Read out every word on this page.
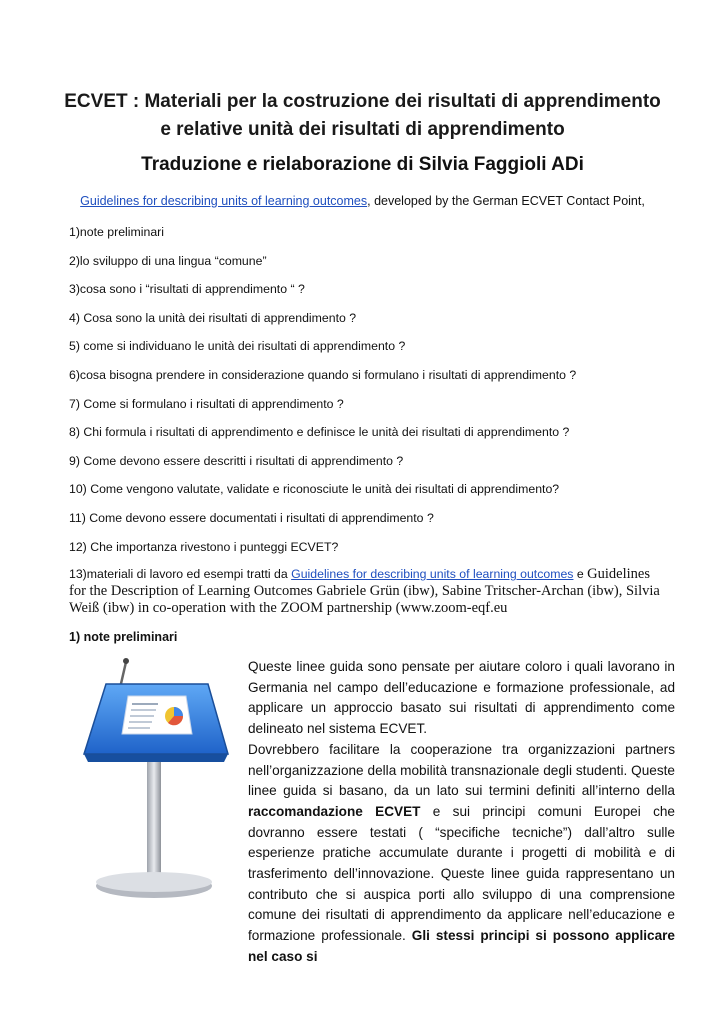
ECVET : Materiali per la costruzione dei risultati di apprendimento e relative unità dei risultati di apprendimento
Traduzione e rielaborazione di Silvia Faggioli ADi
Guidelines for describing units of learning outcomes, developed by the German ECVET Contact Point,
1)note preliminari
2)lo sviluppo di una lingua “comune”
3)cosa sono i “risultati di apprendimento “ ?
4) Cosa sono la unità dei risultati di apprendimento ?
5) come si individuano le unità dei risultati di apprendimento ?
6)cosa bisogna prendere in considerazione quando si formulano i risultati di apprendimento ?
7) Come si formulano i risultati di apprendimento ?
8) Chi formula i risultati di apprendimento e definisce le unità dei risultati di apprendimento ?
9) Come devono essere descritti i risultati di apprendimento ?
10) Come vengono valutate, validate e riconosciute le unità dei risultati di apprendimento?
11) Come devono essere documentati i risultati di apprendimento ?
12) Che importanza rivestono i punteggi ECVET?
13)materiali di lavoro ed esempi tratti da Guidelines for describing units of learning outcomes e Guidelines for the Description of Learning Outcomes Gabriele Grün (ibw), Sabine Tritscher-Archan (ibw), Silvia Weiß (ibw) in co-operation with the ZOOM partnership (www.zoom-eqf.eu
1) note preliminari

Queste linee guida sono pensate per aiutare coloro i quali lavorano in Germania nel campo dell’educazione e formazione professionale, ad applicare un approccio basato sui risultati di apprendimento come delineato nel sistema ECVET.

Dovrebbero facilitare la cooperazione tra organizzazioni partners nell’organizzazione della mobilità transnazionale degli studenti. Queste linee guida si basano, da un lato sui termini definiti all’interno della raccomandazione ECVET e sui principi comuni Europei che dovranno essere testati ( “specifiche tecniche”) dall’altro sulle esperienze pratiche accumulate durante i progetti di mobilità e di trasferimento dell’innovazione. Queste linee guida rappresentano un contributo che si auspica porti allo sviluppo di una comprensione comune dei risultati di apprendimento da applicare nell’educazione e formazione professionale. Gli stessi principi si possono applicare nel caso si
